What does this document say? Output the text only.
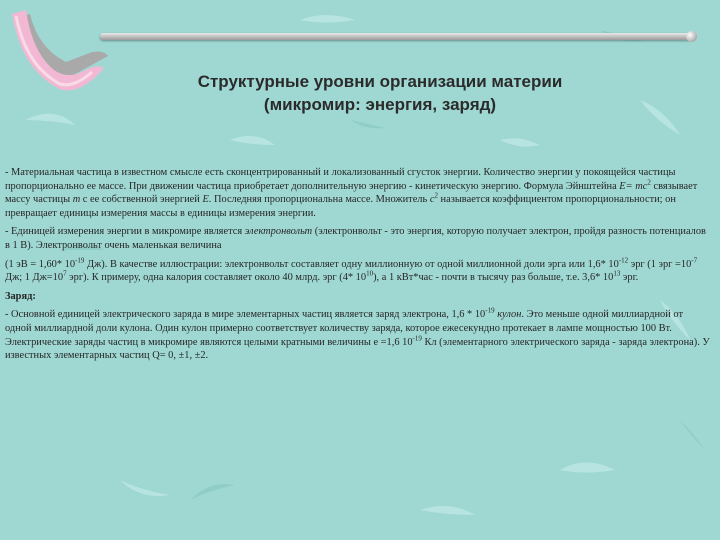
Структурные уровни организации материи
(микромир: энергия, заряд)

- Материальная частица в известном смысле есть сконцентрированный и локализованный сгусток энергии. Количество энергии у покоящейся частицы пропорционально ее массе. При движении частица приобретает дополнительную энергию - кинетическую энергию. Формула Эйнштейна $E= mc^2$ связывает массу частицы m с ее собственной энергией E. Последняя пропорциональна массе. Множитель $c^2$ называется коэффициентом пропорциональности; он превращает единицы измерения массы в единицы измерения энергии.

- Единицей измерения энергии в микромире является электронвольт (электронвольт - это энергия, которую получает электрон, пройдя разность потенциалов в 1 В). Электронвольт очень маленькая величина

(1 эВ = 1,60* $10^{-19}$ Дж). В качестве иллюстрации: электронвольт составляет одну миллионную от одной миллионной доли эрга или 1,6* $10^{-12}$ эрг (1 эрг $=10^{-7}$ Дж; 1 $Дж=10^7$ эрг). К примеру, одна калория составляет около 40 млрд. эрг (4* $10^{10}$), а 1 кВт*час - почти в тысячу раз больше, т.е. 3,6* $10^{13}$ эрг.

Заряд:

- Основной единицей электрического заряда в мире элементарных частиц является заряд электрона, $1,6 * 10^{-19}$ кулон. Это меньше одной миллиардной от одной миллиардной доли кулона. Один кулон примерно соответствует количеству заряда, которое ежесекундно протекает в лампе мощностью 100 Вт. Электрические заряды частиц в микромире являются целыми кратными величины е =1,6 $10^{-19}$ Кл (элементарного электрического заряда - заряда электрона). У известных элементарных частиц Q= 0, ±1, ±2.
